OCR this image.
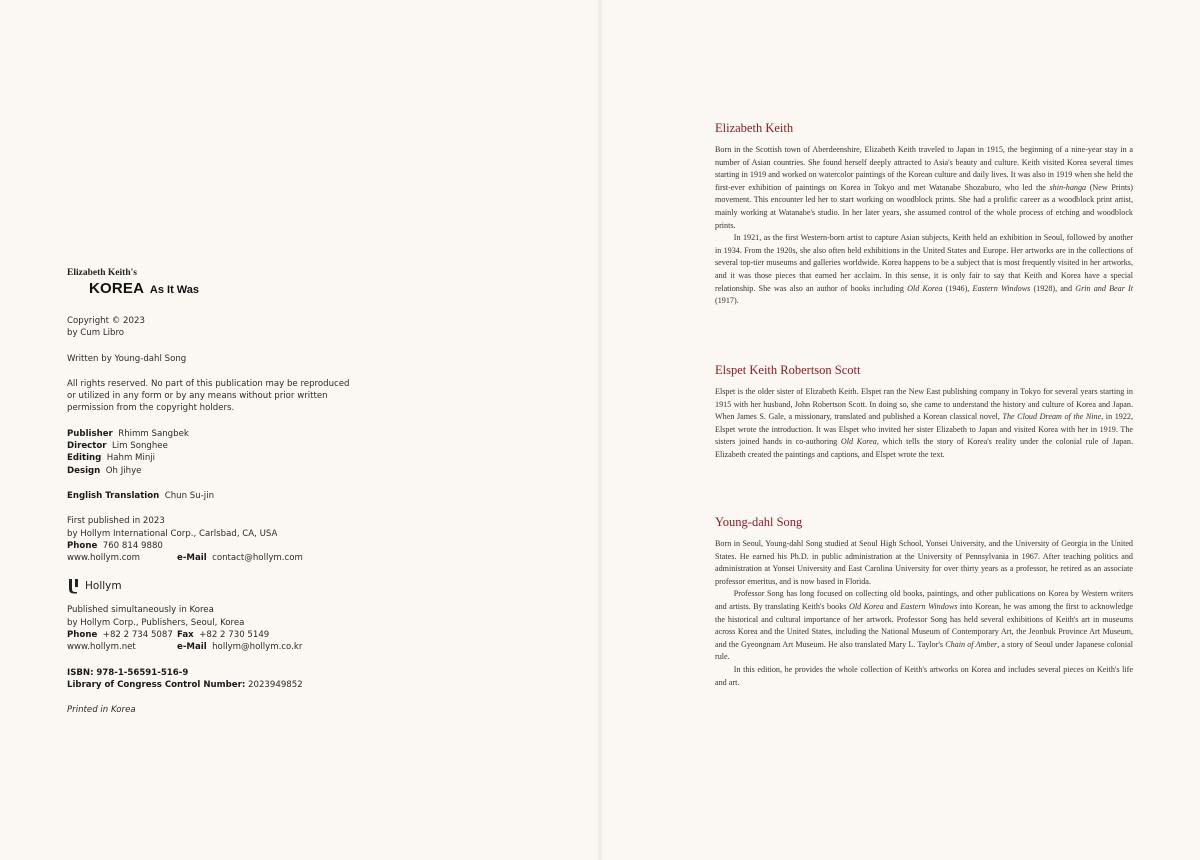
Elizabeth Keith's
KOREA As It Was
Copyright © 2023
by Cum Libro
Written by Young-dahl Song
All rights reserved. No part of this publication may be reproduced
or utilized in any form or by any means without prior written
permission from the copyright holders.
Publisher Rhimm Sangbek
Director Lim Songhee
Editing Hahm Minji
Design Oh Jihye
English Translation Chun Su-jin
First published in 2023
by Hollym International Corp., Carlsbad, CA, USA
Phone 760 814 9880
www.hollym.com	e-Mail contact@hollym.com
Hollym
Published simultaneously in Korea
by Hollym Corp., Publishers, Seoul, Korea
Phone +82 2 734 5087 Fax +82 2 730 5149
www.hollym.net	e-Mail hollym@hollym.co.kr
ISBN: 978-1-56591-516-9
Library of Congress Control Number: 2023949852
Printed in Korea
Elizabeth Keith

Born in the Scottish town of Aberdeenshire, Elizabeth Keith traveled to Japan in 1915, the beginning of a nine-year stay in a number of Asian countries. She found herself deeply attracted to Asia's beauty and culture. Keith visited Korea several times starting in 1919 and worked on watercolor paintings of the Korean culture and daily lives. It was also in 1919 when she held the first-ever exhibition of paintings on Korea in Tokyo and met Watanabe Shozaburo, who led the shin-hanga (New Prints) movement. This encounter led her to start working on woodblock prints. She had a prolific career as a woodblock print artist, mainly working at Watanabe's studio. In her later years, she assumed control of the whole process of etching and woodblock prints.

In 1921, as the first Western-born artist to capture Asian subjects, Keith held an exhibition in Seoul, followed by another in 1934. From the 1920s, she also often held exhibitions in the United States and Europe. Her artworks are in the collections of several top-tier museums and galleries worldwide. Korea happens to be a subject that is most frequently visited in her artworks, and it was those pieces that earned her acclaim. In this sense, it is only fair to say that Keith and Korea have a special relationship. She was also an author of books including Old Korea (1946), Eastern Windows (1928), and Grin and Bear It (1917).

Elspet Keith Robertson Scott

Elspet is the older sister of Elizabeth Keith. Elspet ran the New East publishing company in Tokyo for several years starting in 1915 with her husband, John Robertson Scott. In doing so, she came to understand the history and culture of Korea and Japan. When James S. Gale, a missionary, translated and published a Korean classical novel, The Cloud Dream of the Nine, in 1922, Elspet wrote the introduction. It was Elspet who invited her sister Elizabeth to Japan and visited Korea with her in 1919. The sisters joined hands in co-authoring Old Korea, which tells the story of Korea's reality under the colonial rule of Japan. Elizabeth created the paintings and captions, and Elspet wrote the text.

Young-dahl Song

Born in Seoul, Young-dahl Song studied at Seoul High School, Yonsei University, and the University of Georgia in the United States. He earned his Ph.D. in public administration at the University of Pennsylvania in 1967. After teaching politics and administration at Yonsei University and East Carolina University for over thirty years as a professor, he retired as an associate professor emeritus, and is now based in Florida.

Professor Song has long focused on collecting old books, paintings, and other publications on Korea by Western writers and artists. By translating Keith's books Old Korea and Eastern Windows into Korean, he was among the first to acknowledge the historical and cultural importance of her artwork. Professor Song has held several exhibitions of Keith's art in museums across Korea and the United States, including the National Museum of Contemporary Art, the Jeonbuk Province Art Museum, and the Gyeongnam Art Museum. He also translated Mary L. Taylor's Chain of Amber, a story of Seoul under Japanese colonial rule.

In this edition, he provides the whole collection of Keith's artworks on Korea and includes several pieces on Keith's life and art.
